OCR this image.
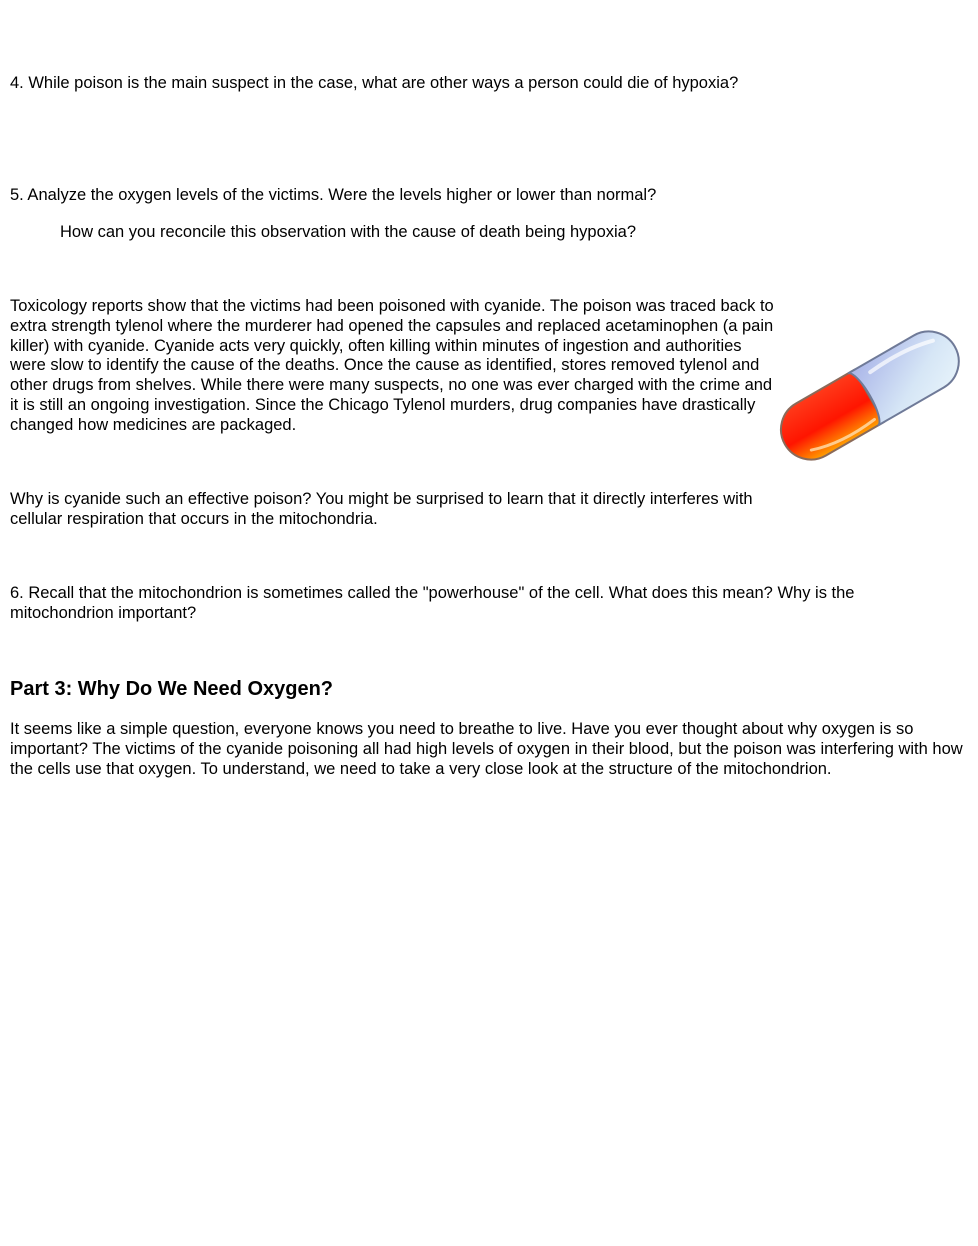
4. While poison is the main suspect in the case, what are other ways a person could die of hypoxia?

5. Analyze the oxygen levels of the victims. Were the levels higher or lower than normal?

How can you reconcile this observation with the cause of death being hypoxia?

Toxicology reports show that the victims had been poisoned with cyanide. The poison was traced back to extra strength tylenol where the murderer had opened the capsules and replaced acetaminophen (a pain killer) with cyanide. Cyanide acts very quickly, often killing within minutes of ingestion and authorities were slow to identify the cause of the deaths. Once the cause as identified, stores removed tylenol and other drugs from shelves. While there were many suspects, no one was ever charged with the crime and it is still an ongoing investigation. Since the Chicago Tylenol murders, drug companies have drastically changed how medicines are packaged.

Why is cyanide such an effective poison? You might be surprised to learn that it directly interferes with cellular respiration that occurs in the mitochondria.

6. Recall that the mitochondrion is sometimes called the "powerhouse" of the cell. What does this mean? Why is the mitochondrion important?

Part 3: Why Do We Need Oxygen?

It seems like a simple question, everyone knows you need to breathe to live. Have you ever thought about why oxygen is so important? The victims of the cyanide poisoning all had high levels of oxygen in their blood, but the poison was interfering with how the cells use that oxygen. To understand, we need to take a very close look at the structure of the mitochondrion.
